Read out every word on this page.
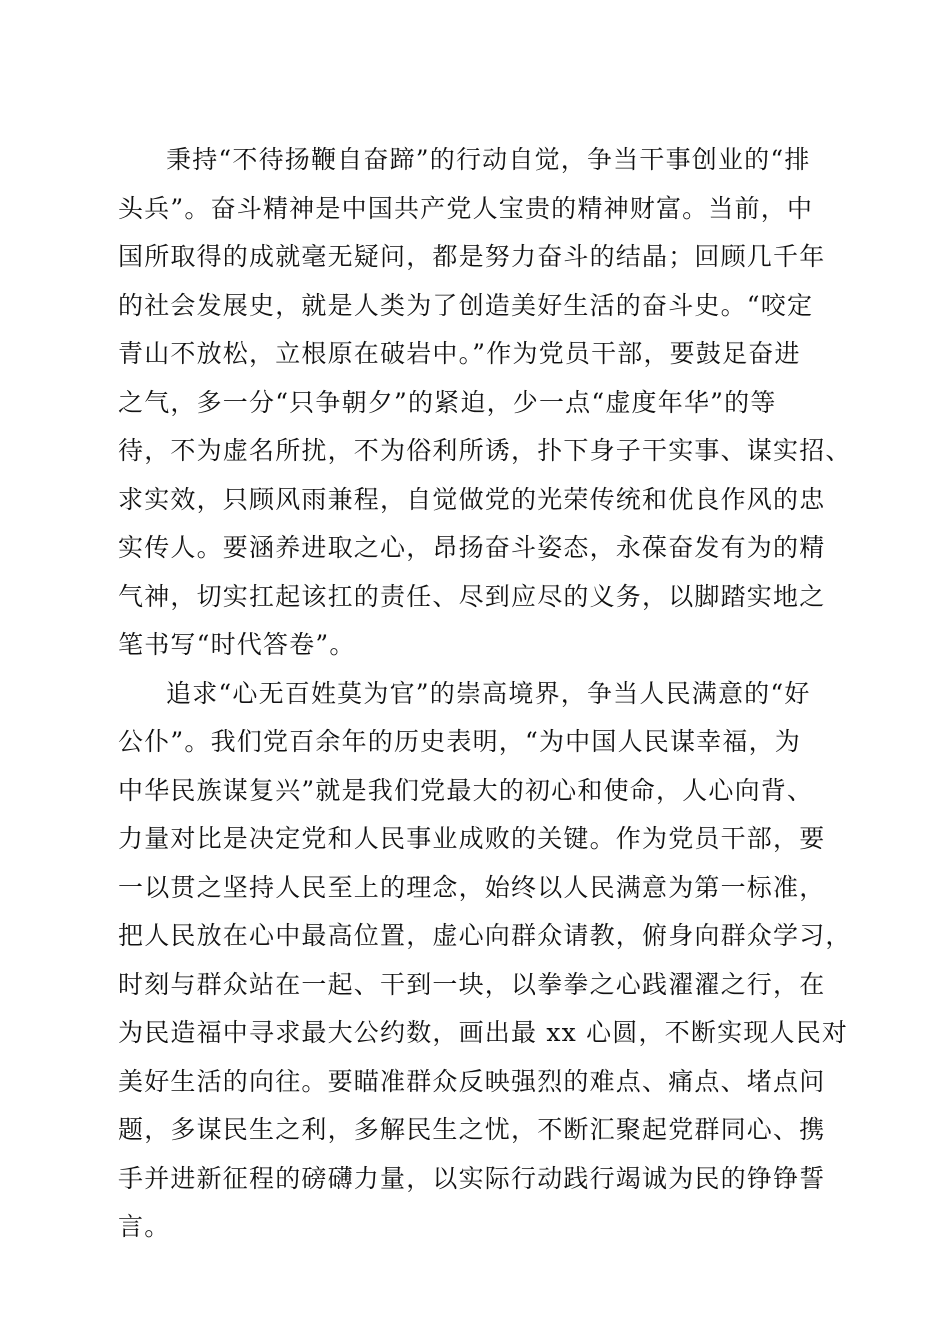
秉持“不待扬鞭自奋蹄”的行动自觉，争当干事创业的“排
头兵”。奋斗精神是中国共产党人宝贵的精神财富。当前，中
国所取得的成就毫无疑问，都是努力奋斗的结晶；回顾几千年
的社会发展史，就是人类为了创造美好生活的奋斗史。“咬定
青山不放松，立根原在破岩中。”作为党员干部，要鼓足奋进
之气，多一分“只争朝夕”的紧迫，少一点“虚度年华”的等
待，不为虚名所扰，不为俗利所诱，扑下身子干实事、谋实招、
求实效，只顾风雨兼程，自觉做党的光荣传统和优良作风的忠
实传人。要涵养进取之心，昂扬奋斗姿态，永葆奋发有为的精
气神，切实扛起该扛的责任、尽到应尽的义务，以脚踏实地之
笔书写“时代答卷”。
追求“心无百姓莫为官”的崇高境界，争当人民满意的“好
公仆”。我们党百余年的历史表明，“为中国人民谋幸福，为
中华民族谋复兴”就是我们党最大的初心和使命，人心向背、
力量对比是决定党和人民事业成败的关键。作为党员干部，要
一以贯之坚持人民至上的理念，始终以人民满意为第一标准，
把人民放在心中最高位置，虚心向群众请教，俯身向群众学习，
时刻与群众站在一起、干到一块，以拳拳之心践濯濯之行，在
为民造福中寻求最大公约数，画出最 xx 心圆，不断实现人民对
美好生活的向往。要瞄准群众反映强烈的难点、痛点、堵点问
题，多谋民生之利，多解民生之忧，不断汇聚起党群同心、携
手并进新征程的磅礴力量，以实际行动践行竭诚为民的铮铮誓
言。
